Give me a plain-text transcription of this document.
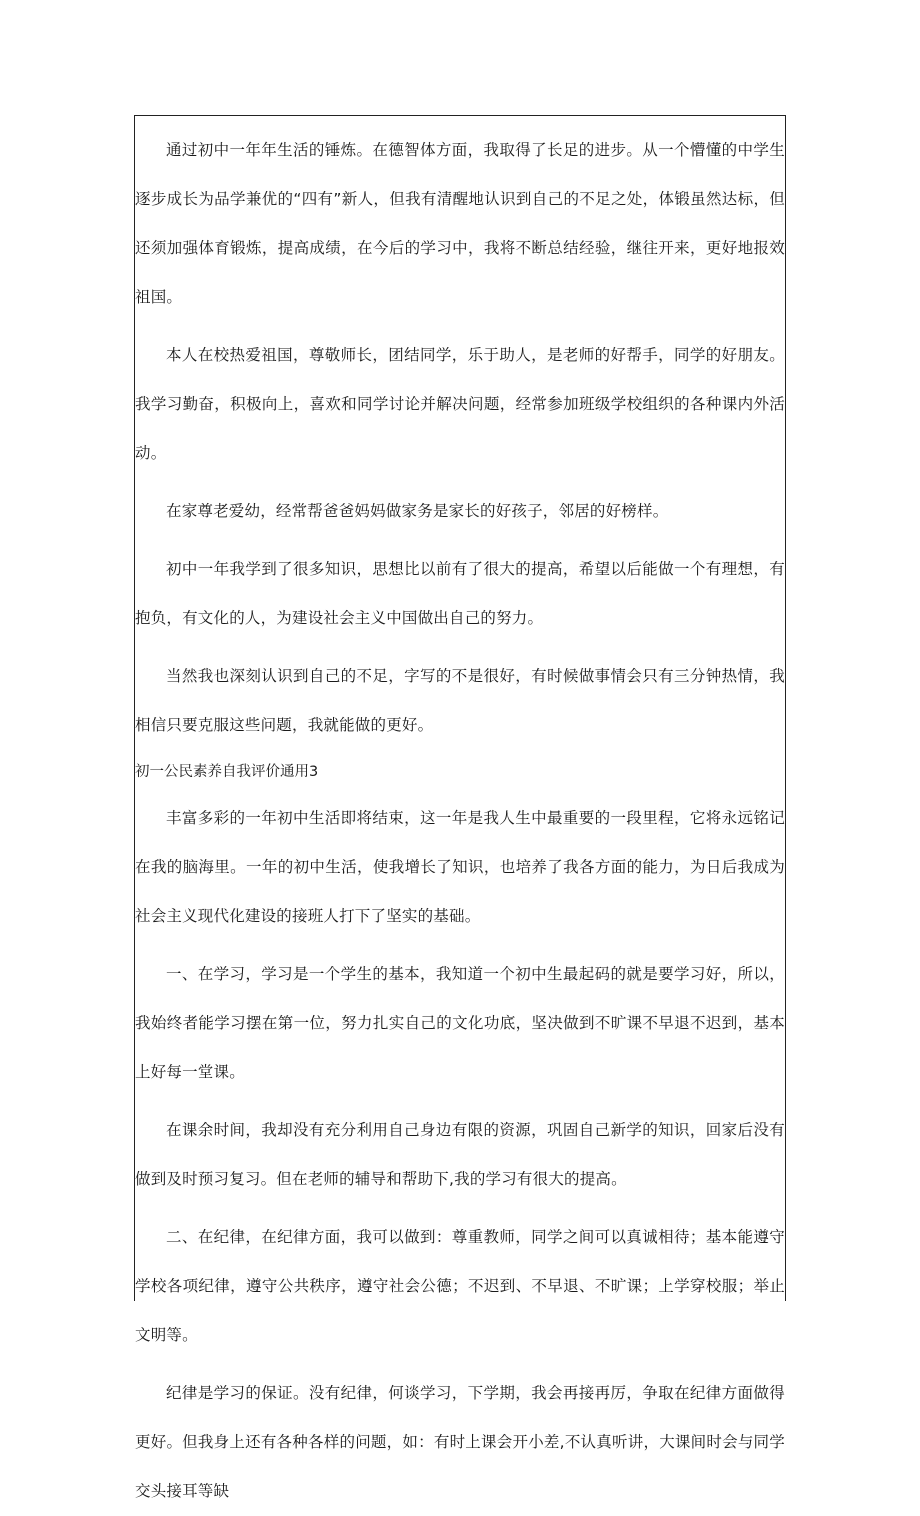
通过初中一年年生活的锤炼。在德智体方面，我取得了长足的进步。从一个懵懂的中学生逐步成长为品学兼优的“四有”新人，但我有清醒地认识到自己的不足之处，体锻虽然达标，但还须加强体育锻炼，提高成绩，在今后的学习中，我将不断总结经验，继往开来，更好地报效祖国。

本人在校热爱祖国，尊敬师长，团结同学，乐于助人，是老师的好帮手，同学的好朋友。我学习勤奋，积极向上，喜欢和同学讨论并解决问题，经常参加班级学校组织的各种课内外活动。

在家尊老爱幼，经常帮爸爸妈妈做家务是家长的好孩子，邻居的好榜样。

初中一年我学到了很多知识，思想比以前有了很大的提高，希望以后能做一个有理想，有抱负，有文化的人，为建设社会主义中国做出自己的努力。

当然我也深刻认识到自己的不足，字写的不是很好，有时候做事情会只有三分钟热情，我相信只要克服这些问题，我就能做的更好。

初一公民素养自我评价通用3

丰富多彩的一年初中生活即将结束，这一年是我人生中最重要的一段里程，它将永远铭记在我的脑海里。一年的初中生活，使我增长了知识，也培养了我各方面的能力，为日后我成为社会主义现代化建设的接班人打下了坚实的基础。

一、在学习，学习是一个学生的基本，我知道一个初中生最起码的就是要学习好，所以，我始终者能学习摆在第一位，努力扎实自己的文化功底，坚决做到不旷课不早退不迟到，基本上好每一堂课。

在课余时间，我却没有充分利用自己身边有限的资源，巩固自己新学的知识，回家后没有做到及时预习复习。但在老师的辅导和帮助下,我的学习有很大的提高。

二、在纪律，在纪律方面，我可以做到：尊重教师，同学之间可以真诚相待；基本能遵守学校各项纪律，遵守公共秩序，遵守社会公德；不迟到、不早退、不旷课；上学穿校服；举止文明等。

纪律是学习的保证。没有纪律，何谈学习，下学期，我会再接再厉，争取在纪律方面做得更好。但我身上还有各种各样的问题，如：有时上课会开小差,不认真听讲，大课间时会与同学交头接耳等缺
